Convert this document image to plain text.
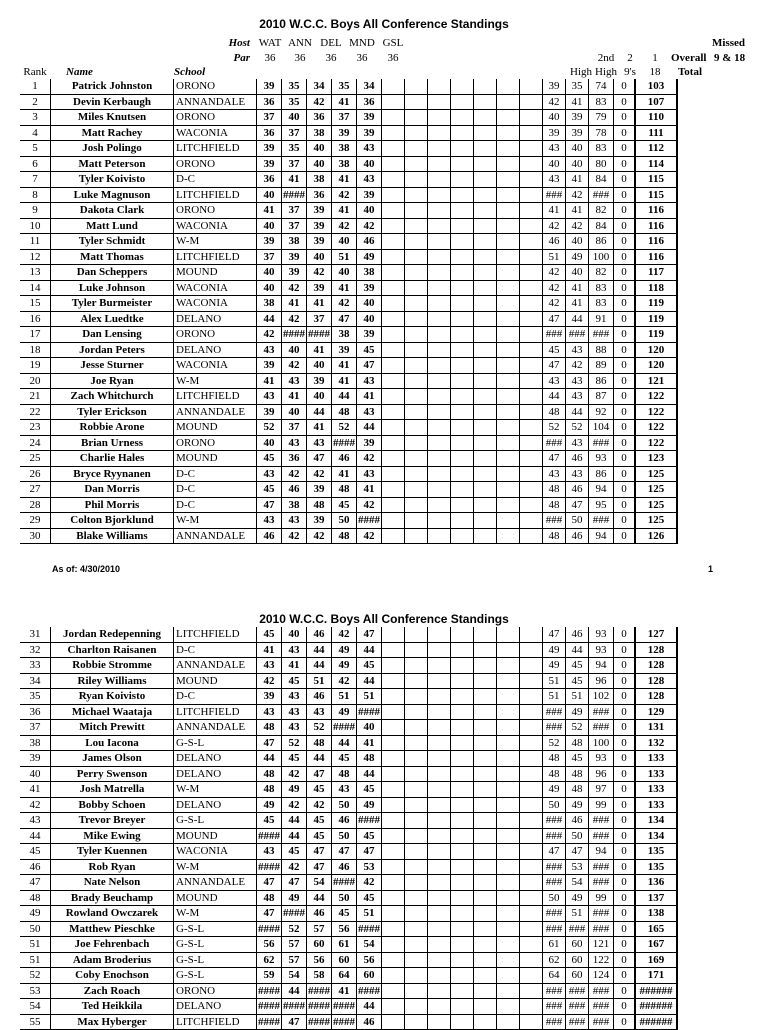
2010 W.C.C. Boys All Conference Standings
Host
Par
WAT ANN DEL MND GSL
36	36	36	36	36
Missed
Overall 9 & 18
2nd	2	1
Rank	Name	School	High High 9's	18	Total
1	Patrick Johnston	ORONO	39	35	34	35	34								39	35	74	0	103
2	Devin Kerbaugh	ANNANDALE	36	35	42	41	36								42	41	83	0	107
3	Miles Knutsen	ORONO	37	40	36	37	39								40	39	79	0	110
4	Matt Rachey	WACONIA	36	37	38	39	39								39	39	78	0	111
5	Josh Polingo	LITCHFIELD	39	35	40	38	43								43	40	83	0	112
6	Matt Peterson	ORONO	39	37	40	38	40								40	40	80	0	114
7	Tyler Koivisto	D-C	36	41	38	41	43								43	41	84	0	115
8	Luke Magnuson	LITCHFIELD	40	####	36	42	39								###	42	###	0	115
9	Dakota Clark	ORONO	41	37	39	41	40								41	41	82	0	116
10	Matt Lund	WACONIA	40	37	39	42	42								42	42	84	0	116
11	Tyler Schmidt	W-M	39	38	39	40	46								46	40	86	0	116
12	Matt Thomas	LITCHFIELD	37	39	40	51	49								51	49	100	0	116
13	Dan Scheppers	MOUND	40	39	42	40	38								42	40	82	0	117
14	Luke Johnson	WACONIA	40	42	39	41	39								42	41	83	0	118
15	Tyler Burmeister	WACONIA	38	41	41	42	40								42	41	83	0	119
16	Alex Luedtke	DELANO	44	42	37	47	40								47	44	91	0	119
17	Dan Lensing	ORONO	42	####	####	38	39								###	###	###	0	119
18	Jordan Peters	DELANO	43	40	41	39	45								45	43	88	0	120
19	Jesse Sturner	WACONIA	39	42	40	41	47								47	42	89	0	120
20	Joe Ryan	W-M	41	43	39	41	43								43	43	86	0	121
21	Zach Whitchurch	LITCHFIELD	43	41	40	44	41								44	43	87	0	122
22	Tyler Erickson	ANNANDALE	39	40	44	48	43								48	44	92	0	122
23	Robbie Arone	MOUND	52	37	41	52	44								52	52	104	0	122
24	Brian Urness	ORONO	40	43	43	####	39								###	43	###	0	122
25	Charlie Hales	MOUND	45	36	47	46	42								47	46	93	0	123
26	Bryce Ryynanen	D-C	43	42	42	41	43								43	43	86	0	125
27	Dan Morris	D-C	45	46	39	48	41								48	46	94	0	125
28	Phil Morris	D-C	47	38	48	45	42								48	47	95	0	125
29	Colton Bjorklund	W-M	43	43	39	50	####								###	50	###	0	125
30	Blake Williams	ANNANDALE	46	42	42	48	42								48	46	94	0	126
As of: 4/30/2010	1
2010 W.C.C. Boys All Conference Standings
31	Jordan Redepenning	LITCHFIELD	45	40	46	42	47								47	46	93	0	127
32	Charlton Raisanen	D-C	41	43	44	49	44								49	44	93	0	128
33	Robbie Stromme	ANNANDALE	43	41	44	49	45								49	45	94	0	128
34	Riley Williams	MOUND	42	45	51	42	44								51	45	96	0	128
35	Ryan Koivisto	D-C	39	43	46	51	51								51	51	102	0	128
36	Michael Waataja	LITCHFIELD	43	43	43	49	####								###	49	###	0	129
37	Mitch Prewitt	ANNANDALE	48	43	52	####	40								###	52	###	0	131
38	Lou Iacona	G-S-L	47	52	48	44	41								52	48	100	0	132
39	James Olson	DELANO	44	45	44	45	48								48	45	93	0	133
40	Perry Swenson	DELANO	48	42	47	48	44								48	48	96	0	133
41	Josh Matrella	W-M	48	49	45	43	45								49	48	97	0	133
42	Bobby Schoen	DELANO	49	42	42	50	49								50	49	99	0	133
43	Trevor Breyer	G-S-L	45	44	45	46	####								###	46	###	0	134
44	Mike Ewing	MOUND	####	44	45	50	45								###	50	###	0	134
45	Tyler Kuennen	WACONIA	43	45	47	47	47								47	47	94	0	135
46	Rob Ryan	W-M	####	42	47	46	53								###	53	###	0	135
47	Nate Nelson	ANNANDALE	47	47	54	####	42								###	54	###	0	136
48	Brady Beuchamp	MOUND	48	49	44	50	45								50	49	99	0	137
49	Rowland Owczarek	W-M	47	####	46	45	51								###	51	###	0	138
50	Matthew Pieschke	G-S-L	####	52	57	56	####								###	###	###	0	165
51	Joe Fehrenbach	G-S-L	56	57	60	61	54								61	60	121	0	167
51	Adam Broderius	G-S-L	62	57	56	60	56								62	60	122	0	169
52	Coby Enochson	G-S-L	59	54	58	64	60								64	60	124	0	171
53	Zach Roach	ORONO	####	44	####	41	####								###	###	###	0	######
54	Ted Heikkila	DELANO	####	####	####	####	44								###	###	###	0	######
55	Max Hyberger	LITCHFIELD	####	47	####	####	46								###	###	###	0	######
